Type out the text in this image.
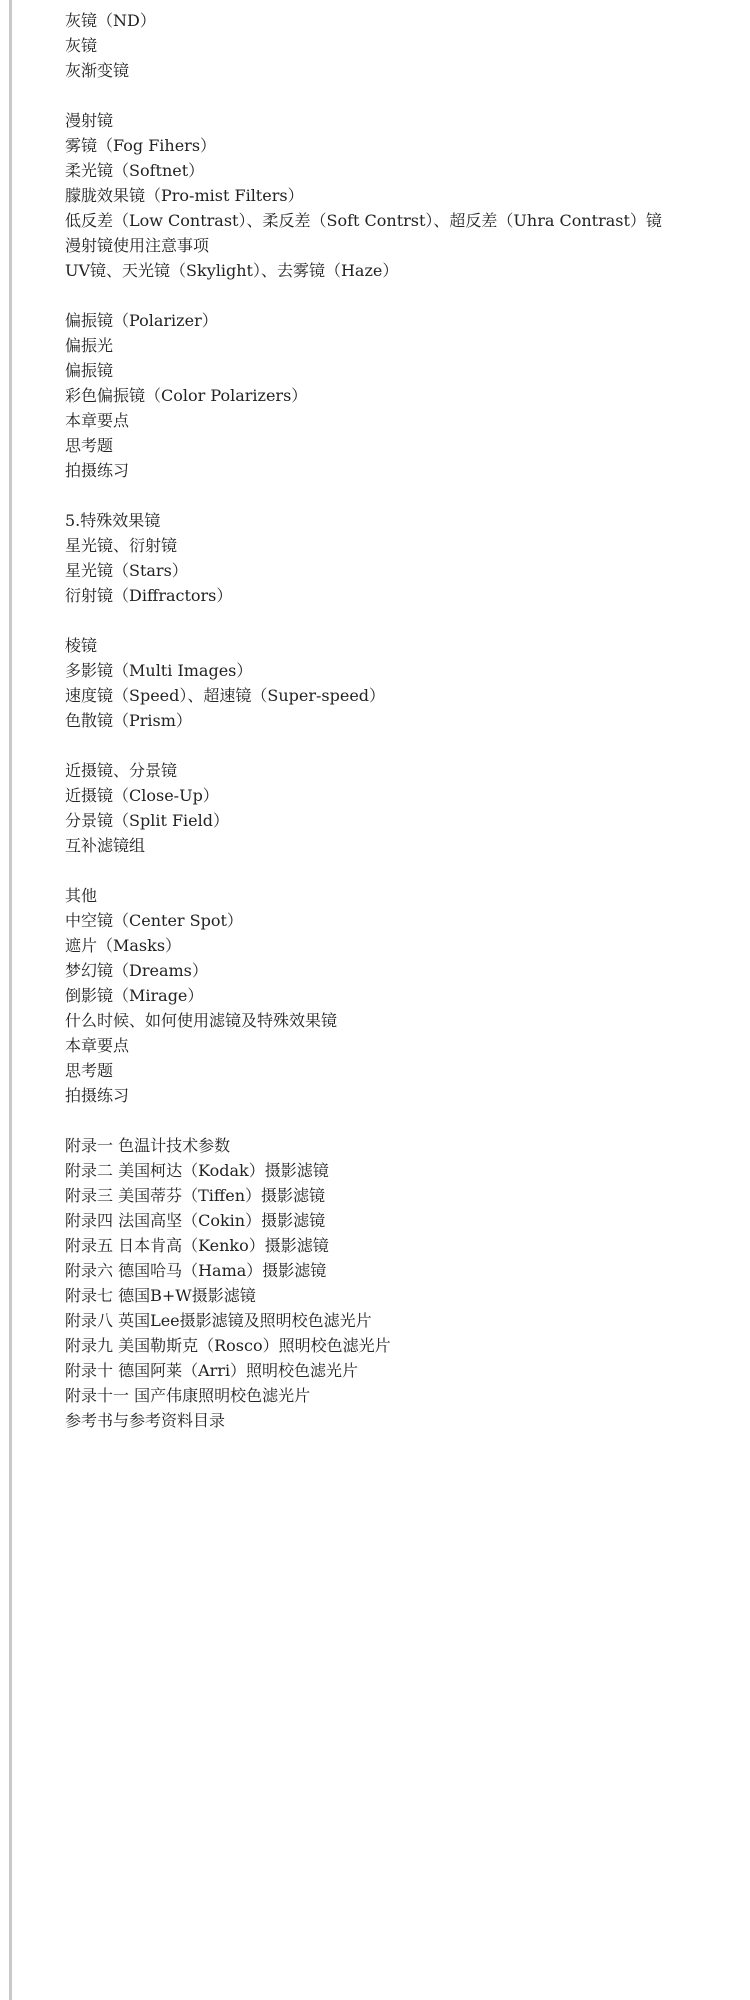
灰镜（ND）
灰镜
灰渐变镜
漫射镜
雾镜（Fog Fihers）
柔光镜（Softnet）
朦胧效果镜（Pro-mist Filters）
低反差（Low Contrast）、柔反差（Soft Contrst）、超反差（Uhra Contrast）镜
漫射镜使用注意事项
UV镜、天光镜（Skylight）、去雾镜（Haze）
偏振镜（Polarizer）
偏振光
偏振镜
彩色偏振镜（Color Polarizers）
本章要点
思考题
拍摄练习
5.特殊效果镜
星光镜、衍射镜
星光镜（Stars）
衍射镜（Diffractors）
棱镜
多影镜（Multi Images）
速度镜（Speed）、超速镜（Super-speed）
色散镜（Prism）
近摄镜、分景镜
近摄镜（Close-Up）
分景镜（Split Field）
互补滤镜组
其他
中空镜（Center Spot）
遮片（Masks）
梦幻镜（Dreams）
倒影镜（Mirage）
什么时候、如何使用滤镜及特殊效果镜
本章要点
思考题
拍摄练习
附录一 色温计技术参数
附录二 美国柯达（Kodak）摄影滤镜
附录三 美国蒂芬（Tiffen）摄影滤镜
附录四 法国高坚（Cokin）摄影滤镜
附录五 日本肯高（Kenko）摄影滤镜
附录六 德国哈马（Hama）摄影滤镜
附录七 德国B+W摄影滤镜
附录八 英国Lee摄影滤镜及照明校色滤光片
附录九 美国勒斯克（Rosco）照明校色滤光片
附录十 德国阿莱（Arri）照明校色滤光片
附录十一 国产伟康照明校色滤光片
参考书与参考资料目录
